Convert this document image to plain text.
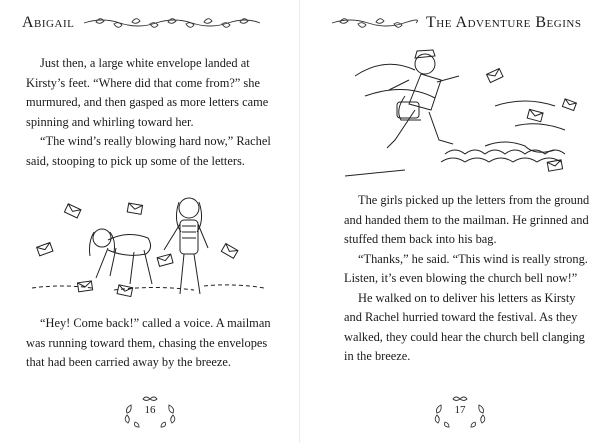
Abigail

Just then, a large white envelope landed at Kirsty’s feet. “Where did that come from?” she murmured, and then gasped as more letters came spinning and whirling toward her.

“The wind’s really blowing hard now,” Rachel said, stooping to pick up some of the letters.

“Hey! Come back!” called a voice. A mailman was running toward them, chasing the envelopes that had been carried away by the breeze.

16
The Adventure Begins

The girls picked up the letters from the ground and handed them to the mailman. He grinned and stuffed them back into his bag.

“Thanks,” he said. “This wind is really strong. Listen, it’s even blowing the church bell now!”

He walked on to deliver his letters as Kirsty and Rachel hurried toward the festival. As they walked, they could hear the church bell clanging in the breeze.

17
